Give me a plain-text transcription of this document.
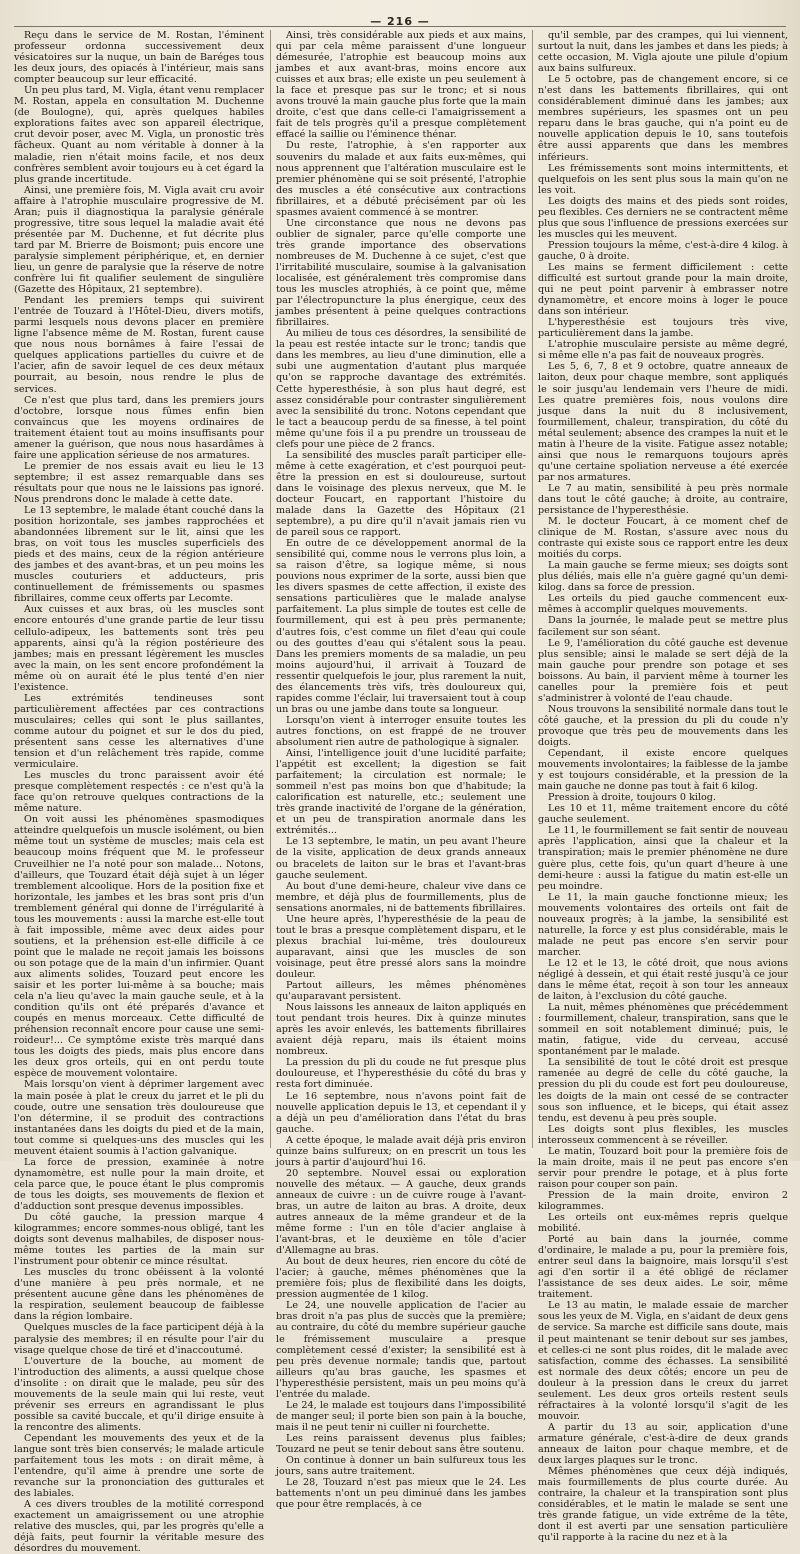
— 216 —

Reçu dans le service de M. Rostan, l'éminent professeur ordonna successivement deux vésicatoires sur la nuque, un bain de Baréges tous les deux jours, des opiacés à l'intérieur, mais sans compter beaucoup sur leur efficacité.

Un peu plus tard, M. Vigla, étant venu remplacer M. Rostan, appela en consultation M. Duchenne (de Boulogne), qui, après quelques habiles explorations faites avec son appareil électrique, crut devoir poser, avec M. Vigla, un pronostic très fâcheux. Quant au nom véritable à donner à la maladie, rien n'était moins facile, et nos deux confrères semblent avoir toujours eu à cet égard la plus grande incertitude.

Ainsi, une première fois, M. Vigla avait cru avoir affaire à l'atrophie musculaire progressive de M. Aran; puis il diagnostiqua la paralysie générale progressive, titre sous lequel la maladie avait été présentée par M. Duchenne, et fut décrite plus tard par M. Brierre de Boismont; puis encore une paralysie simplement périphérique, et, en dernier lieu, un genre de paralysie que la réserve de notre confrère lui fit qualifier seulement de singulière (Gazette des Hôpitaux, 21 septembre).

Pendant les premiers temps qui suivirent l'entrée de Touzard à l'Hôtel-Dieu, divers motifs, parmi lesquels nous devons placer en première ligne l'absence même de M. Rostan, furent cause que nous nous bornâmes à faire l'essai de quelques applications partielles du cuivre et de l'acier, afin de savoir lequel de ces deux métaux pourrait, au besoin, nous rendre le plus de services.

Ce n'est que plus tard, dans les premiers jours d'octobre, lorsque nous fûmes enfin bien convaincus que les moyens ordinaires de traitement étaient tout au moins insuffisants pour amener la guérison, que nous nous hasardâmes à faire une application sérieuse de nos armatures.

Le premier de nos essais avait eu lieu le 13 septembre; il est assez remarquable dans ses résultats pour que nous ne le laissions pas ignoré. Nous prendrons donc le malade à cette date.

Le 13 septembre, le malade étant couché dans la position horizontale, ses jambes rapprochées et abandonnées librement sur le lit, ainsi que les bras, on voit tous les muscles superficiels des pieds et des mains, ceux de la région antérieure des jambes et des avant-bras, et un peu moins les muscles couturiers et adducteurs, pris continuellement de frémissements ou spasmes fibrillaires, comme ceux offerts par Lecomte.

Aux cuisses et aux bras, où les muscles sont encore entourés d'une grande partie de leur tissu cellulo-adipeux, les battements sont très peu apparents, ainsi qu'à la région postérieure des jambes; mais en pressant légèrement les muscles avec la main, on les sent encore profondément la même où on aurait été le plus tenté d'en nier l'existence.

Les extrémités tendineuses sont particulièrement affectées par ces contractions musculaires; celles qui sont le plus saillantes, comme autour du poignet et sur le dos du pied, présentent sans cesse les alternatives d'une tension et d'un relâchement très rapide, comme vermiculaire.

Les muscles du tronc paraissent avoir été presque complètement respectés : ce n'est qu'à la face qu'on retrouve quelques contractions de la même nature.

On voit aussi les phénomènes spasmodiques atteindre quelquefois un muscle isolément, ou bien même tout un système de muscles; mais cela est beaucoup moins fréquent que M. le professeur Cruveilhier ne l'a noté pour son malade... Notons, d'ailleurs, que Touzard était déjà sujet à un léger tremblement alcoolique. Hors de la position fixe et horizontale, les jambes et les bras sont pris d'un tremblement général qui donne de l'irrégularité à tous les mouvements : aussi la marche est-elle tout à fait impossible, même avec deux aides pour soutiens, et la préhension est-elle difficile à ce point que le malade ne reçoit jamais les boissons ou son potage que de la main d'un infirmier. Quant aux aliments solides, Touzard peut encore les saisir et les porter lui-même à sa bouche; mais cela n'a lieu qu'avec la main gauche seule, et à la condition qu'ils ont été préparés d'avance et coupés en menus morceaux. Cette difficulté de préhension reconnaît encore pour cause une semi-roideur!... Ce symptôme existe très marqué dans tous les doigts des pieds, mais plus encore dans les deux gros orteils, qui en ont perdu toute espèce de mouvement volontaire.

Mais lorsqu'on vient à déprimer largement avec la main posée à plat le creux du jarret et le pli du coude, outre une sensation très douloureuse que l'on détermine, il se produit des contractions instantanées dans les doigts du pied et de la main, tout comme si quelques-uns des muscles qui les meuvent étaient soumis à l'action galvanique.

La force de pression, examinée à notre dynamomètre, est nulle pour la main droite, et cela parce que, le pouce étant le plus compromis de tous les doigts, ses mouvements de flexion et d'adduction sont presque devenus impossibles.

Du côté gauche, la pression marque 4 kilogrammes; encore sommes-nous obligé, tant les doigts sont devenus malhabiles, de disposer nous-même toutes les parties de la main sur l'instrument pour obtenir ce mince résultat.

Les muscles du tronc obéissent à la volonté d'une manière à peu près normale, et ne présentent aucune gêne dans les phénomènes de la respiration, seulement beaucoup de faiblesse dans la région lombaire.

Quelques muscles de la face participent déjà à la paralysie des membres; il en résulte pour l'air du visage quelque chose de tiré et d'inaccoutumé.

L'ouverture de la bouche, au moment de l'introduction des aliments, a aussi quelque chose d'insolite : on dirait que le malade, peu sûr des mouvements de la seule main qui lui reste, veut prévenir ses erreurs en agrandissant le plus possible sa cavité buccale, et qu'il dirige ensuite à la rencontre des aliments.

Cependant les mouvements des yeux et de la langue sont très bien conservés; le malade articule parfaitement tous les mots : on dirait même, à l'entendre, qu'il aime à prendre une sorte de revanche sur la prononciation des gutturales et des labiales.

A ces divers troubles de la motilité correspond exactement un amaigrissement ou une atrophie relative des muscles, qui, par les progrès qu'elle a déjà faits, peut fournir la véritable mesure des désordres du mouvement.

Ainsi, très considérable aux pieds et aux mains, qui par cela même paraissent d'une longueur démesurée, l'atrophie est beaucoup moins aux jambes et aux avant-bras, moins encore aux cuisses et aux bras; elle existe un peu seulement à la face et presque pas sur le tronc; et si nous avons trouvé la main gauche plus forte que la main droite, c'est que dans celle-ci l'amaigrissement a fait de tels progrès qu'il a presque complètement effacé la saillie ou l'éminence thénar.

Du reste, l'atrophie, à s'en rapporter aux souvenirs du malade et aux faits eux-mêmes, qui nous apprennent que l'altération musculaire est le premier phénomène qui se soit présenté, l'atrophie des muscles a été consécutive aux contractions fibrillaires, et a débuté précisément par où les spasmes avaient commencé à se montrer.

Une circonstance que nous ne devons pas oublier de signaler, parce qu'elle comporte une très grande importance des observations nombreuses de M. Duchenne à ce sujet, c'est que l'irritabilité musculaire, soumise à la galvanisation localisée, est généralement très compromise dans tous les muscles atrophiés, à ce point que, même par l'électropuncture la plus énergique, ceux des jambes présentent à peine quelques contractions fibrillaires.

Au milieu de tous ces désordres, la sensibilité de la peau est restée intacte sur le tronc; tandis que dans les membres, au lieu d'une diminution, elle a subi une augmentation d'autant plus marquée qu'on se rapproche davantage des extrémités. Cette hyperesthésie, à son plus haut degré, est assez considérable pour contraster singulièrement avec la sensibilité du tronc. Notons cependant que le tact a beaucoup perdu de sa finesse, à tel point même qu'une fois il a pu prendre un trousseau de clefs pour une pièce de 2 francs.

La sensibilité des muscles paraît participer elle-même à cette exagération, et c'est pourquoi peut-être la pression en est si douloureuse, surtout dans le voisinage des plexus nerveux, que M. le docteur Foucart, en rapportant l'histoire du malade dans la Gazette des Hôpitaux (21 septembre), a pu dire qu'il n'avait jamais rien vu de pareil sous ce rapport.

En outre de ce développement anormal de la sensibilité qui, comme nous le verrons plus loin, a sa raison d'être, sa logique même, si nous pouvions nous exprimer de la sorte, aussi bien que les divers spasmes de cette affection, il existe des sensations particulières que le malade analyse parfaitement. La plus simple de toutes est celle de fourmillement, qui est à peu près permanente; d'autres fois, c'est comme un filet d'eau qui coule ou des gouttes d'eau qui s'étalent sous la peau. Dans les premiers moments de sa maladie, un peu moins aujourd'hui, il arrivait à Touzard de ressentir quelquefois le jour, plus rarement la nuit, des élancements très vifs, très douloureux qui, rapides comme l'éclair, lui traversaient tout à coup un bras ou une jambe dans toute sa longueur.

Lorsqu'on vient à interroger ensuite toutes les autres fonctions, on est frappé de ne trouver absolument rien autre de pathologique à signaler.

Ainsi, l'intelligence jouit d'une lucidité parfaite; l'appétit est excellent; la digestion se fait parfaitement; la circulation est normale; le sommeil n'est pas moins bon que d'habitude; la calorification est naturelle, etc.; seulement une très grande inactivité de l'organe de la génération, et un peu de transpiration anormale dans les extrémités...

Le 13 septembre, le matin, un peu avant l'heure de la visite, application de deux grands anneaux ou bracelets de laiton sur le bras et l'avant-bras gauche seulement.

Au bout d'une demi-heure, chaleur vive dans ce membre, et déjà plus de fourmillements, plus de sensations anormales, ni de battements fibrillaires.

Une heure après, l'hyperesthésie de la peau de tout le bras a presque complètement disparu, et le plexus brachial lui-même, très douloureux auparavant, ainsi que les muscles de son voisinage, peut être pressé alors sans la moindre douleur.

Partout ailleurs, les mêmes phénomènes qu'auparavant persistent.

Nous laissons les anneaux de laiton appliqués en tout pendant trois heures. Dix à quinze minutes après les avoir enlevés, les battements fibrillaires avaient déjà reparu, mais ils étaient moins nombreux.

La pression du pli du coude ne fut presque plus douloureuse, et l'hyperesthésie du côté du bras y resta fort diminuée.

Le 16 septembre, nous n'avons point fait de nouvelle application depuis le 13, et cependant il y a déjà un peu d'amélioration dans l'état du bras gauche.

A cette époque, le malade avait déjà pris environ quinze bains sulfureux; on en prescrit un tous les jours à partir d'aujourd'hui 16.

20 septembre. Nouvel essai ou exploration nouvelle des métaux. — A gauche, deux grands anneaux de cuivre : un de cuivre rouge à l'avant-bras, un autre de laiton au bras. A droite, deux autres anneaux de la même grandeur et de la même forme : l'un en tôle d'acier anglaise à l'avant-bras, et le deuxième en tôle d'acier d'Allemagne au bras.

Au bout de deux heures, rien encore du côté de l'acier; à gauche, mêmes phénomènes que la première fois; plus de flexibilité dans les doigts, pression augmentée de 1 kilog.

Le 24, une nouvelle application de l'acier au bras droit n'a pas plus de succès que la première; au contraire, du côté du membre supérieur gauche le frémissement musculaire a presque complètement cessé d'exister; la sensibilité est à peu près devenue normale; tandis que, partout ailleurs qu'au bras gauche, les spasmes et l'hyperesthésie persistent, mais un peu moins qu'à l'entrée du malade.

Le 24, le malade est toujours dans l'impossibilité de manger seul; il porte bien son pain à la bouche, mais il ne peut tenir ni cuiller ni fourchette.

Les reins paraissent devenus plus faibles; Touzard ne peut se tenir debout sans être soutenu.

On continue à donner un bain sulfureux tous les jours, sans autre traitement.

Le 28, Touzard n'est pas mieux que le 24. Les battements n'ont un peu diminué dans les jambes que pour être remplacés, à ce

qu'il semble, par des crampes, qui lui viennent, surtout la nuit, dans les jambes et dans les pieds; à cette occasion, M. Vigla ajoute une pilule d'opium aux bains sulfureux.

Le 5 octobre, pas de changement encore, si ce n'est dans les battements fibrillaires, qui ont considérablement diminué dans les jambes; aux membres supérieurs, les spasmes ont un peu reparu dans le bras gauche, qui n'a point eu de nouvelle application depuis le 10, sans toutefois être aussi apparents que dans les membres inférieurs.

Les frémissements sont moins intermittents, et quelquefois on les sent plus sous la main qu'on ne les voit.

Les doigts des mains et des pieds sont roides, peu flexibles. Ces derniers ne se contractent même plus que sous l'influence de pressions exercées sur les muscles qui les meuvent.

Pression toujours la même, c'est-à-dire 4 kilog. à gauche, 0 à droite.

Les mains se ferment difficilement : cette difficulté est surtout grande pour la main droite, qui ne peut point parvenir à embrasser notre dynamomètre, et encore moins à loger le pouce dans son intérieur.

L'hyperesthésie est toujours très vive, particulièrement dans la jambe.

L'atrophie musculaire persiste au même degré, si même elle n'a pas fait de nouveaux progrès.

Les 5, 6, 7, 8 et 9 octobre, quatre anneaux de laiton, deux pour chaque membre, sont appliqués le soir jusqu'au lendemain vers l'heure de midi. Les quatre premières fois, nous voulons dire jusque dans la nuit du 8 inclusivement, fourmillement, chaleur, transpiration, du côté du métal seulement; absence des crampes la nuit et le matin à l'heure de la visite. Fatigue assez notable; ainsi que nous le remarquons toujours après qu'une certaine spoliation nerveuse a été exercée par nos armatures.

Le 7 au matin, sensibilité à peu près normale dans tout le côté gauche; à droite, au contraire, persistance de l'hyperesthésie.

M. le docteur Foucart, à ce moment chef de clinique de M. Rostan, s'assure avec nous du contraste qui existe sous ce rapport entre les deux moitiés du corps.

La main gauche se ferme mieux; ses doigts sont plus déliés, mais elle n'a guère gagné qu'un demi-kilog. dans sa force de pression.

Les orteils du pied gauche commencent eux-mêmes à accomplir quelques mouvements.

Dans la journée, le malade peut se mettre plus facilement sur son séant.

Le 9, l'amélioration du côté gauche est devenue plus sensible; ainsi le malade se sert déjà de la main gauche pour prendre son potage et ses boissons. Au bain, il parvient même à tourner les canelles pour la première fois et peut s'administrer à volonté de l'eau chaude.

Nous trouvons la sensibilité normale dans tout le côté gauche, et la pression du pli du coude n'y provoque que très peu de mouvements dans les doigts.

Cependant, il existe encore quelques mouvements involontaires; la faiblesse de la jambe y est toujours considérable, et la pression de la main gauche ne donne pas tout à fait 6 kilog.

Pression à droite, toujours 0 kilog.

Les 10 et 11, même traitement encore du côté gauche seulement.

Le 11, le fourmillement se fait sentir de nouveau après l'application, ainsi que la chaleur et la transpiration; mais le premier phénomène ne dure guère plus, cette fois, qu'un quart d'heure à une demi-heure : aussi la fatigue du matin est-elle un peu moindre.

Le 11, la main gauche fonctionne mieux; les mouvements volontaires des orteils ont fait de nouveaux progrès; à la jambe, la sensibilité est naturelle, la force y est plus considérable, mais le malade ne peut pas encore s'en servir pour marcher.

Le 12 et le 13, le côté droit, que nous avions négligé à dessein, et qui était resté jusqu'à ce jour dans le même état, reçoit à son tour les anneaux de laiton, à l'exclusion du côté gauche.

La nuit, mêmes phénomènes que précédemment : fourmillement, chaleur, transpiration, sans que le sommeil en soit notablement diminué; puis, le matin, fatigue, vide du cerveau, accusé spontanément par le malade.

La sensibilité de tout le côté droit est presque ramenée au degré de celle du côté gauche, la pression du pli du coude est fort peu douloureuse, les doigts de la main ont cessé de se contracter sous son influence, et le biceps, qui était assez tendu, est devenu à peu près souple.

Les doigts sont plus flexibles, les muscles interosseux commencent à se réveiller.

Le matin, Touzard boit pour la première fois de la main droite, mais il ne peut pas encore s'en servir pour prendre le potage, et à plus forte raison pour couper son pain.

Pression de la main droite, environ 2 kilogrammes.

Les orteils ont eux-mêmes repris quelque mobilité.

Porté au bain dans la journée, comme d'ordinaire, le malade a pu, pour la première fois, entrer seul dans la baignoire, mais lorsqu'il s'est agi d'en sortir il a été obligé de réclamer l'assistance de ses deux aides. Le soir, même traitement.

Le 13 au matin, le malade essaie de marcher sous les yeux de M. Vigla, en s'aidant de deux gens de service. Sa marche est difficile sans doute, mais il peut maintenant se tenir debout sur ses jambes, et celles-ci ne sont plus roides, dit le malade avec satisfaction, comme des échasses. La sensibilité est normale des deux côtés; encore un peu de douleur à la pression dans le creux du jarret seulement. Les deux gros orteils restent seuls réfractaires à la volonté lorsqu'il s'agit de les mouvoir.

A partir du 13 au soir, application d'une armature générale, c'est-à-dire de deux grands anneaux de laiton pour chaque membre, et de deux larges plaques sur le tronc.

Mêmes phénomènes que ceux déjà indiqués, mais fourmillements de plus courte durée. Au contraire, la chaleur et la transpiration sont plus considérables, et le matin le malade se sent une très grande fatigue, un vide extrême de la tête, dont il est averti par une sensation particulière qu'il rapporte à la racine du nez et à la
